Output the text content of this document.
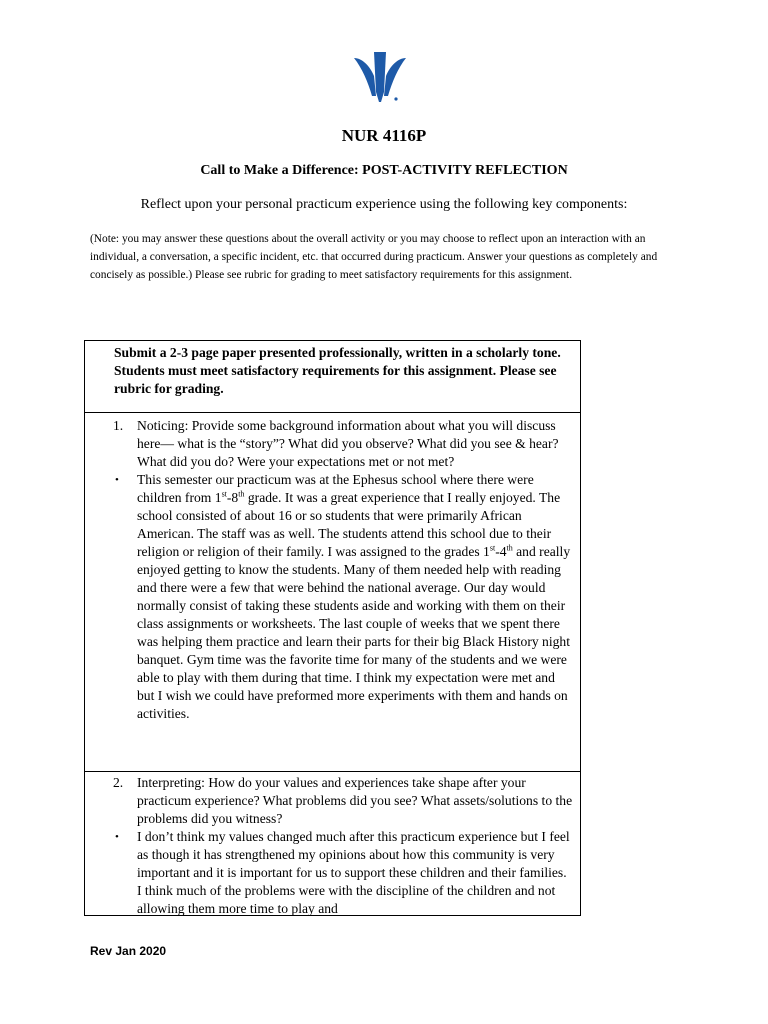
NUR 4116P
Call to Make a Difference: POST-ACTIVITY REFLECTION
Reflect upon your personal practicum experience using the following key components:
(Note: you may answer these questions about the overall activity or you may choose to reflect upon an interaction with an individual, a conversation, a specific incident, etc. that occurred during practicum. Answer your questions as completely and concisely as possible.) Please see rubric for grading to meet satisfactory requirements for this assignment.
Submit a 2-3 page paper presented professionally, written in a scholarly tone. Students must meet satisfactory requirements for this assignment. Please see rubric for grading.
1. Noticing: Provide some background information about what you will discuss here— what is the “story”? What did you observe? What did you see & hear? What did you do? Were your expectations met or not met?
• This semester our practicum was at the Ephesus school where there were children from 1st-8th grade. It was a great experience that I really enjoyed. The school consisted of about 16 or so students that were primarily African American. The staff was as well. The students attend this school due to their religion or religion of their family. I was assigned to the grades 1st-4th and really enjoyed getting to know the students. Many of them needed help with reading and there were a few that were behind the national average. Our day would normally consist of taking these students aside and working with them on their class assignments or worksheets. The last couple of weeks that we spent there was helping them practice and learn their parts for their big Black History night banquet. Gym time was the favorite time for many of the students and we were able to play with them during that time. I think my expectation were met and but I wish we could have preformed more experiments with them and hands on activities.
2. Interpreting: How do your values and experiences take shape after your practicum experience? What problems did you see? What assets/solutions to the problems did you witness?
• I don’t think my values changed much after this practicum experience but I feel as though it has strengthened my opinions about how this community is very important and it is important for us to support these children and their families. I think much of the problems were with the discipline of the children and not allowing them more time to play and
Rev Jan 2020
